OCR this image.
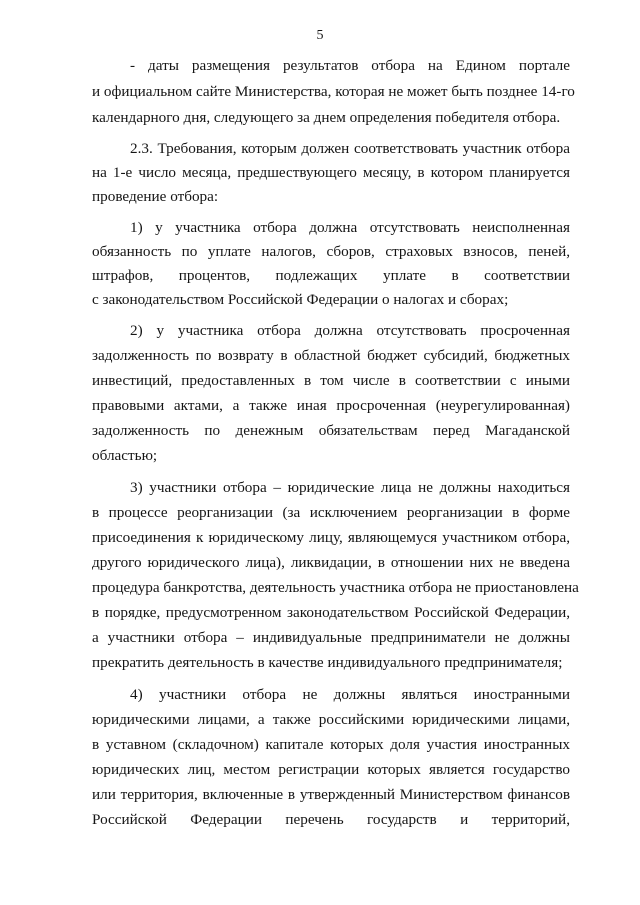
5
- даты размещения результатов отбора на Едином портале
и официальном сайте Министерства, которая не может быть позднее 14-го
календарного дня, следующего за днем определения победителя отбора.
2.3. Требования, которым должен соответствовать участник отбора
на 1-е число месяца, предшествующего месяцу, в котором планируется
проведение отбора:
1) у участника отбора должна отсутствовать неисполненная
обязанность по уплате налогов, сборов, страховых взносов, пеней,
штрафов, процентов, подлежащих уплате в соответствии
с законодательством Российской Федерации о налогах и сборах;
2) у участника отбора должна отсутствовать просроченная
задолженность по возврату в областной бюджет субсидий, бюджетных
инвестиций, предоставленных в том числе в соответствии с иными
правовыми актами, а также иная просроченная (неурегулированная)
задолженность по денежным обязательствам перед Магаданской
областью;
3) участники отбора – юридические лица не должны находиться
в процессе реорганизации (за исключением реорганизации в форме
присоединения к юридическому лицу, являющемуся участником отбора,
другого юридического лица), ликвидации, в отношении них не введена
процедура банкротства, деятельность участника отбора не приостановлена
в порядке, предусмотренном законодательством Российской Федерации,
а участники отбора – индивидуальные предприниматели не должны
прекратить деятельность в качестве индивидуального предпринимателя;
4) участники отбора не должны являться иностранными
юридическими лицами, а также российскими юридическими лицами,
в уставном (складочном) капитале которых доля участия иностранных
юридических лиц, местом регистрации которых является государство
или территория, включенные в утвержденный Министерством финансов
Российской Федерации перечень государств и территорий,
